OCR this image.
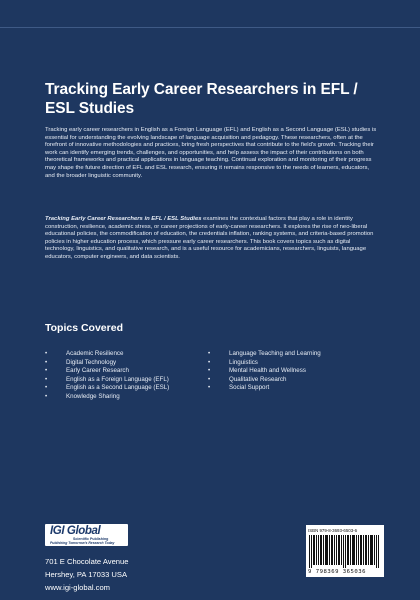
Tracking Early Career Researchers in EFL / ESL Studies
Tracking early career researchers in English as a Foreign Language (EFL) and English as a Second Language (ESL) studies is essential for understanding the evolving landscape of language acquisition and pedagogy. These researchers, often at the forefront of innovative methodologies and practices, bring fresh perspectives that contribute to the field's growth. Tracking their work can identify emerging trends, challenges, and opportunities, and help assess the impact of their contributions on both theoretical frameworks and practical applications in language teaching. Continual exploration and monitoring of their progress may shape the future direction of EFL and ESL research, ensuring it remains responsive to the needs of learners, educators, and the broader linguistic community.
Tracking Early Career Researchers in EFL / ESL Studies examines the contextual factors that play a role in identity construction, resilience, academic stress, or career projections of early-career researchers. It explores the rise of neo-liberal educational policies, the commodification of education, the credentials inflation, ranking systems, and criteria-based promotion policies in higher education process, which pressure early career researchers. This book covers topics such as digital technology, linguistics, and qualitative research, and is a useful resource for academicians, researchers, linguists, language educators, computer engineers, and data scientists.
Topics Covered
•	Academic Resilience
•	Digital Technology
•	Early Career Research
•	English as a Foreign Language (EFL)
•	English as a Second Language (ESL)
•	Knowledge Sharing
•	Language Teaching and Learning
•	Linguistics
•	Mental Health and Wellness
•	Qualitative Research
•	Social Support
IGI Global
Scientific Publishing
Publishing Tomorrow's Research Today
701 E Chocolate Avenue
Hershey, PA 17033 USA
www.igi-global.com
ISBN 979-8-3693-6503-6
9 798369 365036
